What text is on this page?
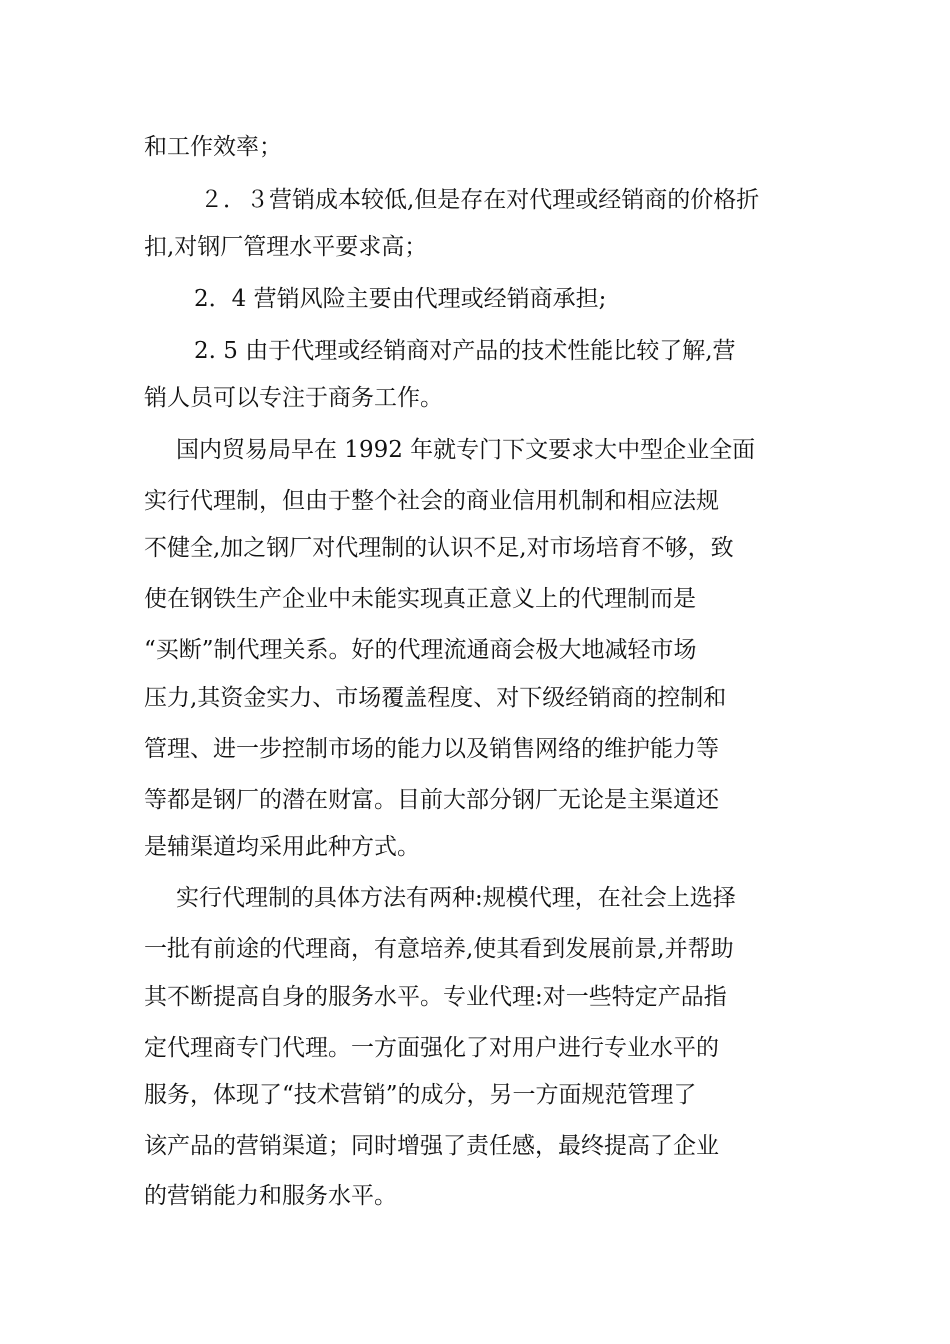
和工作效率；
２．３营销成本较低,但是存在对代理或经销商的价格折
扣,对钢厂管理水平要求高；
2．4 营销风险主要由代理或经销商承担;
2. 5 由于代理或经销商对产品的技术性能比较了解,营
销人员可以专注于商务工作。
国内贸易局早在 1992 年就专门下文要求大中型企业全面
实行代理制，但由于整个社会的商业信用机制和相应法规
不健全,加之钢厂对代理制的认识不足,对市场培育不够，致
使在钢铁生产企业中未能实现真正意义上的代理制而是
“买断”制代理关系。好的代理流通商会极大地减轻市场
压力,其资金实力、市场覆盖程度、对下级经销商的控制和
管理、进一步控制市场的能力以及销售网络的维护能力等
等都是钢厂的潜在财富。目前大部分钢厂无论是主渠道还
是辅渠道均采用此种方式。
实行代理制的具体方法有两种:规模代理，在社会上选择
一批有前途的代理商，有意培养,使其看到发展前景,并帮助
其不断提高自身的服务水平。专业代理:对一些特定产品指
定代理商专门代理。一方面强化了对用户进行专业水平的
服务，体现了“技术营销”的成分，另一方面规范管理了
该产品的营销渠道；同时增强了责任感，最终提高了企业
的营销能力和服务水平。
